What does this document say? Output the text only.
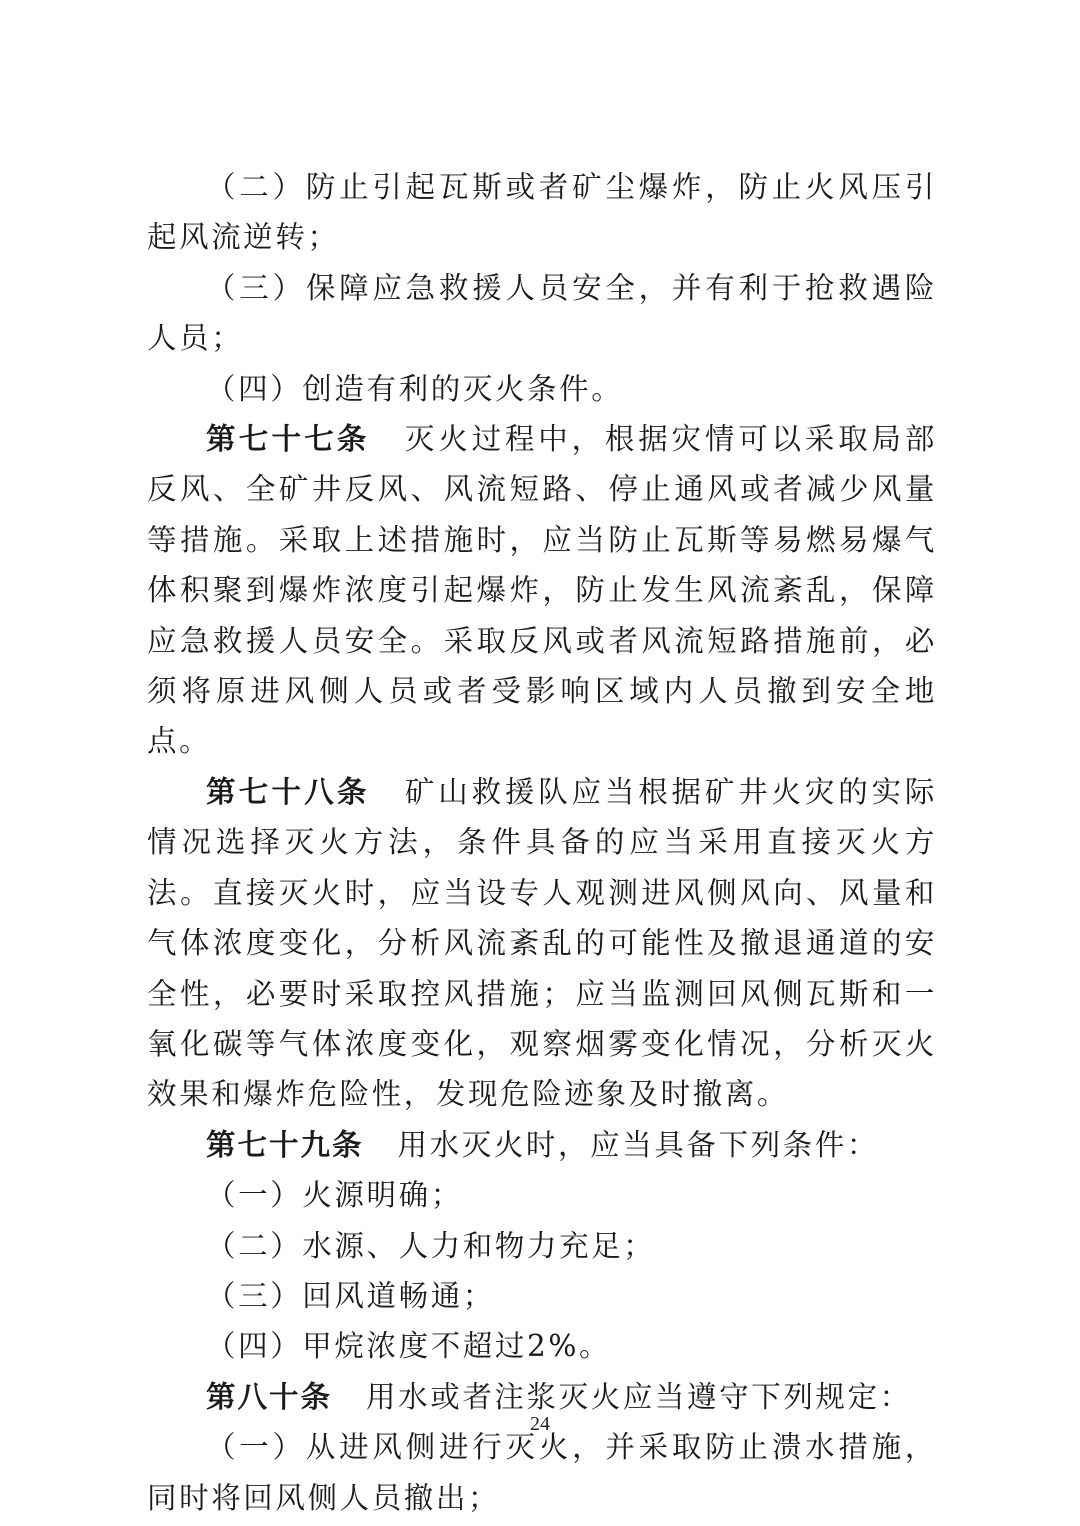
（二）防止引起瓦斯或者矿尘爆炸，防止火风压引起风流逆转；

（三）保障应急救援人员安全，并有利于抢救遇险人员；

（四）创造有利的灭火条件。

第七十七条 灭火过程中，根据灾情可以采取局部反风、全矿井反风、风流短路、停止通风或者减少风量等措施。采取上述措施时，应当防止瓦斯等易燃易爆气体积聚到爆炸浓度引起爆炸，防止发生风流紊乱，保障应急救援人员安全。采取反风或者风流短路措施前，必须将原进风侧人员或者受影响区域内人员撤到安全地点。

第七十八条 矿山救援队应当根据矿井火灾的实际情况选择灭火方法，条件具备的应当采用直接灭火方法。直接灭火时，应当设专人观测进风侧风向、风量和气体浓度变化，分析风流紊乱的可能性及撤退通道的安全性，必要时采取控风措施；应当监测回风侧瓦斯和一氧化碳等气体浓度变化，观察烟雾变化情况，分析灭火效果和爆炸危险性，发现危险迹象及时撤离。

第七十九条 用水灭火时，应当具备下列条件：

（一）火源明确；

（二）水源、人力和物力充足；

（三）回风道畅通；

（四）甲烷浓度不超过2%。

第八十条 用水或者注浆灭火应当遵守下列规定：

（一）从进风侧进行灭火，并采取防止溃水措施，同时将回风侧人员撤出；

24
